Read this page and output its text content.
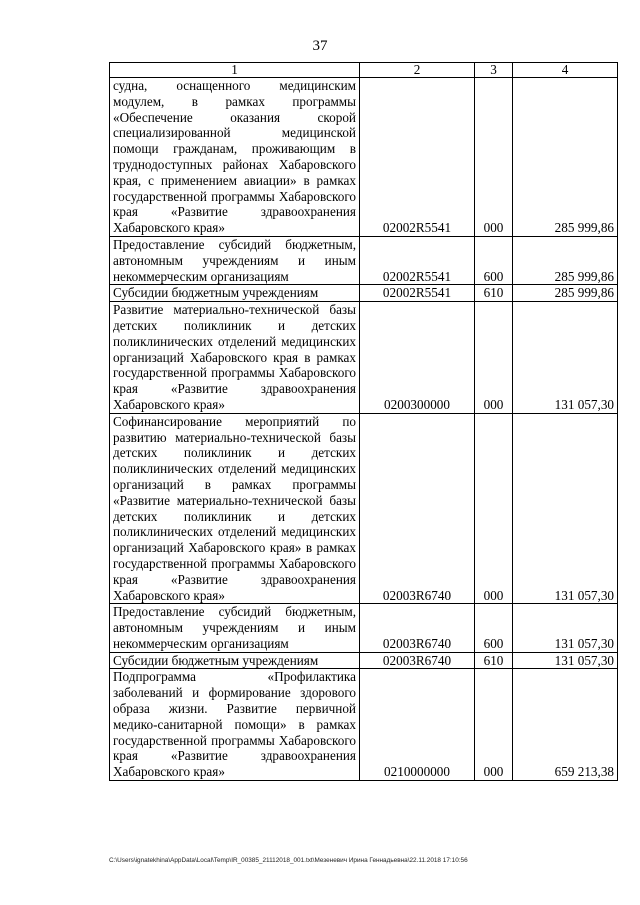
37
1	2	3	4
судна, оснащенного медицинским модулем, в рамках программы «Обеспечение оказания скорой специализированной медицинской помощи гражданам, проживающим в труднодоступных районах Хабаровского края, с применением авиации» в рамках государственной программы Хабаровского края «Развитие здравоохранения Хабаровского края»	02002R5541	000	285 999,86
Предоставление субсидий бюджетным, автономным учреждениям и иным некоммерческим организациям	02002R5541	600	285 999,86
Субсидии бюджетным учреждениям	02002R5541	610	285 999,86
Развитие материально-технической базы детских поликлиник и детских поликлинических отделений медицинских организаций Хабаровского края в рамках государственной программы Хабаровского края «Развитие здравоохранения Хабаровского края»	0200300000	000	131 057,30
Софинансирование мероприятий по развитию материально-технической базы детских поликлиник и детских поликлинических отделений медицинских организаций в рамках программы «Развитие материально-технической базы детских поликлиник и детских поликлинических отделений медицинских организаций Хабаровского края» в рамках государственной программы Хабаровского края «Развитие здравоохранения Хабаровского края»	02003R6740	000	131 057,30
Предоставление субсидий бюджетным, автономным учреждениям и иным некоммерческим организациям	02003R6740	600	131 057,30
Субсидии бюджетным учреждениям	02003R6740	610	131 057,30
Подпрограмма «Профилактика заболеваний и формирование здорового образа жизни. Развитие первичной медико-санитарной помощи» в рамках государственной программы Хабаровского края «Развитие здравоохранения Хабаровского края»	0210000000	000	659 213,38
C:\Users\ignatekhina\AppData\Local\Temp\IR_00385_21112018_001.txt\Мезеневич Ирина Геннадьевна\22.11.2018 17:10:56
